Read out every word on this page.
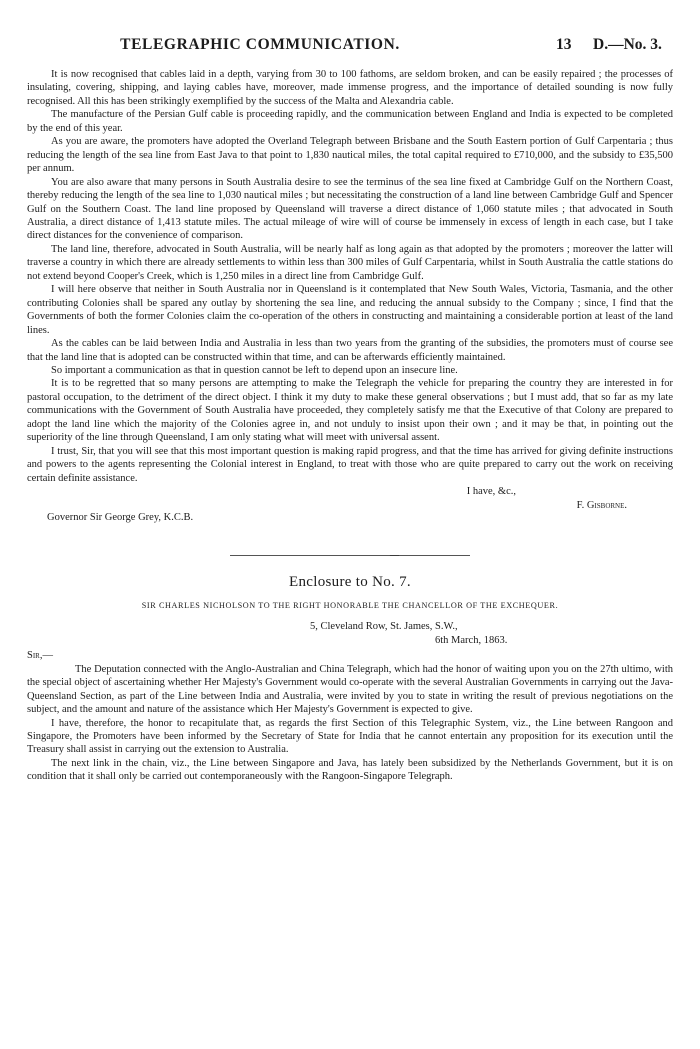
TELEGRAPHIC COMMUNICATION.	13 D.—No. 3.

It is now recognised that cables laid in a depth, varying from 30 to 100 fathoms, are seldom broken, and can be easily repaired ; the processes of insulating, covering, shipping, and laying cables have, moreover, made immense progress, and the importance of detailed sounding is now fully recognised. All this has been strikingly exemplified by the success of the Malta and Alexandria cable.

The manufacture of the Persian Gulf cable is proceeding rapidly, and the communication between England and India is expected to be completed by the end of this year.

As you are aware, the promoters have adopted the Overland Telegraph between Brisbane and the South Eastern portion of Gulf Carpentaria ; thus reducing the length of the sea line from East Java to that point to 1,830 nautical miles, the total capital required to £710,000, and the subsidy to £35,500 per annum.

You are also aware that many persons in South Australia desire to see the terminus of the sea line fixed at Cambridge Gulf on the Northern Coast, thereby reducing the length of the sea line to 1,030 nautical miles ; but necessitating the construction of a land line between Cambridge Gulf and Spencer Gulf on the Southern Coast. The land line proposed by Queensland will traverse a direct distance of 1,060 statute miles ; that advocated in South Australia, a direct distance of 1,413 statute miles. The actual mileage of wire will of course be immensely in excess of length in each case, but I take direct distances for the convenience of comparison.

The land line, therefore, advocated in South Australia, will be nearly half as long again as that adopted by the promoters ; moreover the latter will traverse a country in which there are already settlements to within less than 300 miles of Gulf Carpentaria, whilst in South Australia the cattle stations do not extend beyond Cooper's Creek, which is 1,250 miles in a direct line from Cambridge Gulf.

I will here observe that neither in South Australia nor in Queensland is it contemplated that New South Wales, Victoria, Tasmania, and the other contributing Colonies shall be spared any outlay by shortening the sea line, and reducing the annual subsidy to the Company ; since, I find that the Governments of both the former Colonies claim the co-operation of the others in constructing and maintaining a considerable portion at least of the land lines.

As the cables can be laid between India and Australia in less than two years from the granting of the subsidies, the promoters must of course see that the land line that is adopted can be constructed within that time, and can be afterwards efficiently maintained.

So important a communication as that in question cannot be left to depend upon an insecure line.

It is to be regretted that so many persons are attempting to make the Telegraph the vehicle for preparing the country they are interested in for pastoral occupation, to the detriment of the direct object. I think it my duty to make these general observations ; but I must add, that so far as my late communications with the Government of South Australia have proceeded, they completely satisfy me that the Executive of that Colony are prepared to adopt the land line which the majority of the Colonies agree in, and not unduly to insist upon their own ; and it may be that, in pointing out the superiority of the line through Queensland, I am only stating what will meet with universal assent.

I trust, Sir, that you will see that this most important question is making rapid progress, and that the time has arrived for giving definite instructions and powers to the agents representing the Colonial interest in England, to treat with those who are quite prepared to carry out the work on receiving certain definite assistance.

I have, &c.,

F. Gisborne.
Governor Sir George Grey, K.C.B.
—
Enclosure to No. 7.
SIR CHARLES NICHOLSON TO THE RIGHT HONORABLE THE CHANCELLOR OF THE EXCHEQUER.
5, Cleveland Row, St. James, S.W.,
6th March, 1863.
Sir,—

The Deputation connected with the Anglo-Australian and China Telegraph, which had the honor of waiting upon you on the 27th ultimo, with the special object of ascertaining whether Her Majesty's Government would co-operate with the several Australian Governments in carrying out the Java-Queensland Section, as part of the Line between India and Australia, were invited by you to state in writing the result of previous negotiations on the subject, and the amount and nature of the assistance which Her Majesty's Government is expected to give.

I have, therefore, the honor to recapitulate that, as regards the first Section of this Telegraphic System, viz., the Line between Rangoon and Singapore, the Promoters have been informed by the Secretary of State for India that he cannot entertain any proposition for its execution until the Treasury shall assist in carrying out the extension to Australia.

The next link in the chain, viz., the Line between Singapore and Java, has lately been subsidized by the Netherlands Government, but it is on condition that it shall only be carried out contemporaneously with the Rangoon-Singapore Telegraph.
